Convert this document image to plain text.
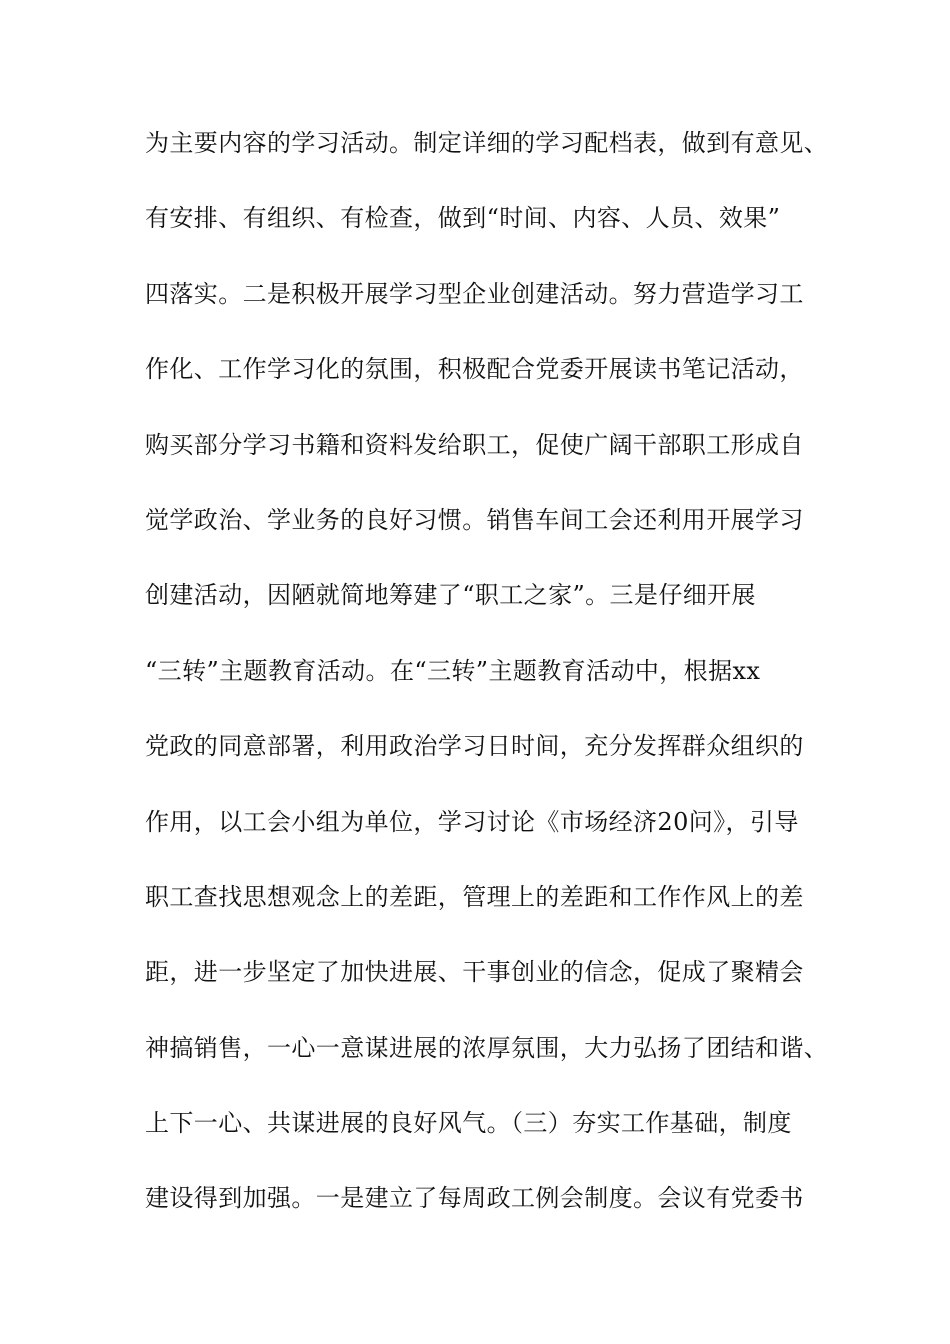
为主要内容的学习活动。制定详细的学习配档表，做到有意见、
有安排、有组织、有检查，做到“时间、内容、人员、效果”
四落实。二是积极开展学习型企业创建活动。努力营造学习工
作化、工作学习化的氛围，积极配合党委开展读书笔记活动，
购买部分学习书籍和资料发给职工，促使广阔干部职工形成自
觉学政治、学业务的良好习惯。销售车间工会还利用开展学习
创建活动，因陋就简地筹建了“职工之家”。三是仔细开展
“三转”主题教育活动。在“三转”主题教育活动中，根据xx
党政的同意部署，利用政治学习日时间，充分发挥群众组织的
作用，以工会小组为单位，学习讨论《市场经济20问》，引导
职工查找思想观念上的差距，管理上的差距和工作作风上的差
距，进一步坚定了加快进展、干事创业的信念，促成了聚精会
神搞销售，一心一意谋进展的浓厚氛围，大力弘扬了团结和谐、
上下一心、共谋进展的良好风气。（三）夯实工作基础，制度
建设得到加强。一是建立了每周政工例会制度。会议有党委书
